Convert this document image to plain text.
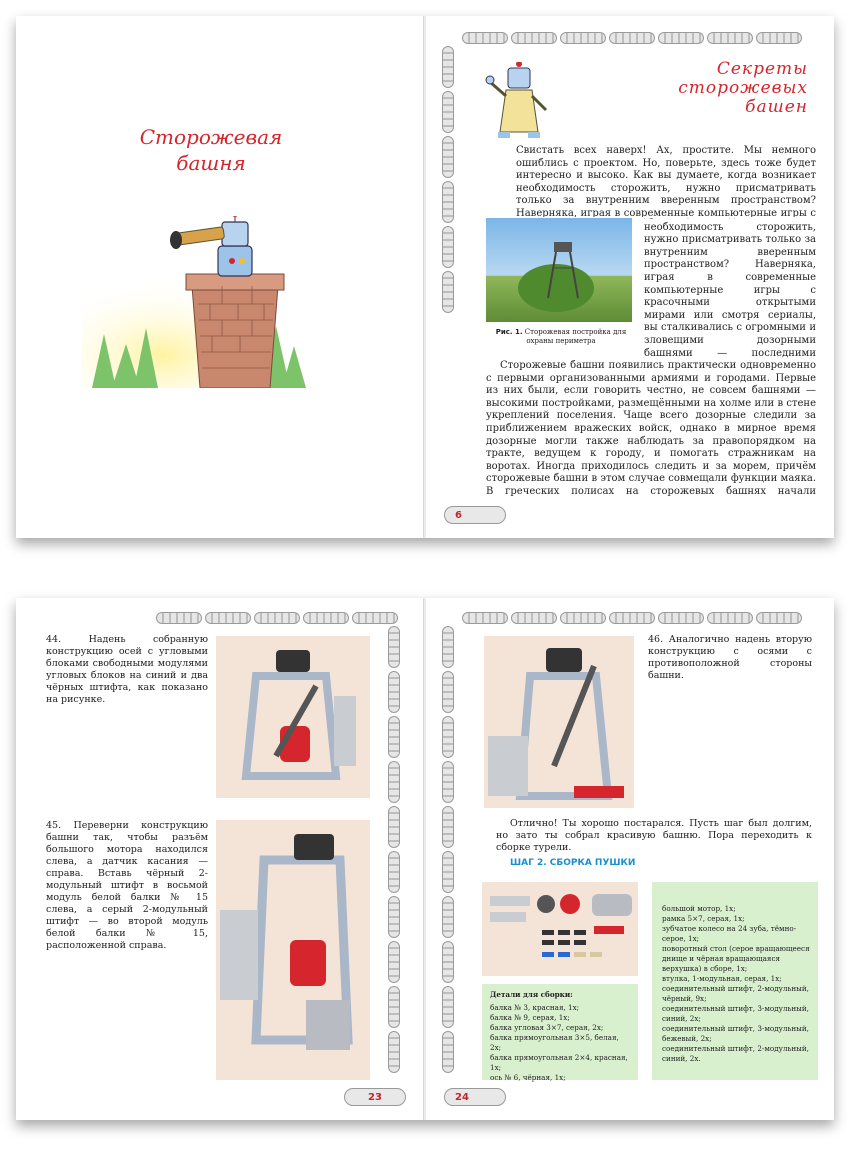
Сторожевая
башня
Секреты
сторожевых башен
Свистать всех наверх! Ах, простите. Мы немного ошиблись с проектом. Но, поверьте, здесь тоже будет интересно и высоко. Как вы думаете, когда возникает необходимость сторожить, нужно присматривать только за внутренним вверенным пространством? Наверняка, играя в современные компьютерные игры с
Рис. 1. Сторожевая постройка для охраны периметра
необходимость сторожить, нужно присматривать только за внутренним вверенным пространством? Наверняка, играя в современные компьютерные игры с красочными открытыми мирами или смотря сериалы, вы сталкивались с огромными и зловещими дозорными башнями — последними
Сторожевые башни появились практически одновременно с первыми организованными армиями и городами. Первые из них были, если говорить честно, не совсем башнями — высокими постройками, размещёнными на холме или в стене укреплений поселения. Чаще всего дозорные следили за приближением вражеских войск, однако в мирное время дозорные могли также наблюдать за правопорядком на тракте, ведущем к городу, и помогать стражникам на воротах. Иногда приходилось следить и за морем, причём сторожевые башни в этом случае совмещали функции маяка. В греческих полисах на сторожевых башнях начали
6
44. Надень собранную конструкцию осей с угловыми блоками свободными модулями угловых блоков на синий и два чёрных штифта, как показано на рисунке.
45. Переверни конструкцию башни так, чтобы разъём большого мотора находился слева, а датчик касания — справа. Вставь чёрный 2-модульный штифт в восьмой модуль белой балки № 15 слева, а серый 2-модульный штифт — во второй модуль белой балки № 15, расположенной справа.
23
46. Аналогично надень вторую конструкцию с осями с противоположной стороны башни.
Отлично! Ты хорошо постарался. Пусть шаг был долгим, но зато ты собрал красивую башню. Пора переходить к сборке турели.
ШАГ 2. СБОРКА ПУШКИ
Детали для сборки:
балка № 3, красная, 1x;
балка № 9, серая, 1x;
балка угловая 3×7, серая, 2x;
балка прямоугольная 3×5, белая, 2x;
балка прямоугольная 2×4, красная, 1x;
ось № 6, чёрная, 1x;
большой мотор, 1x;
рамка 5×7, серая, 1x;
зубчатое колесо на 24 зуба, тёмно-серое, 1x;
поворотный стол (серое вращающееся днище и чёрная вращающаяся верхушка) в сборе, 1x;
втулка, 1-модульная, серая, 1x;
соединительный штифт, 2-модульный, чёрный, 9x;
соединительный штифт, 3-модульный, синий, 2x;
соединительный штифт, 3-модульный, бежевый, 2x;
соединительный штифт, 2-модульный, синий, 2x.
24
